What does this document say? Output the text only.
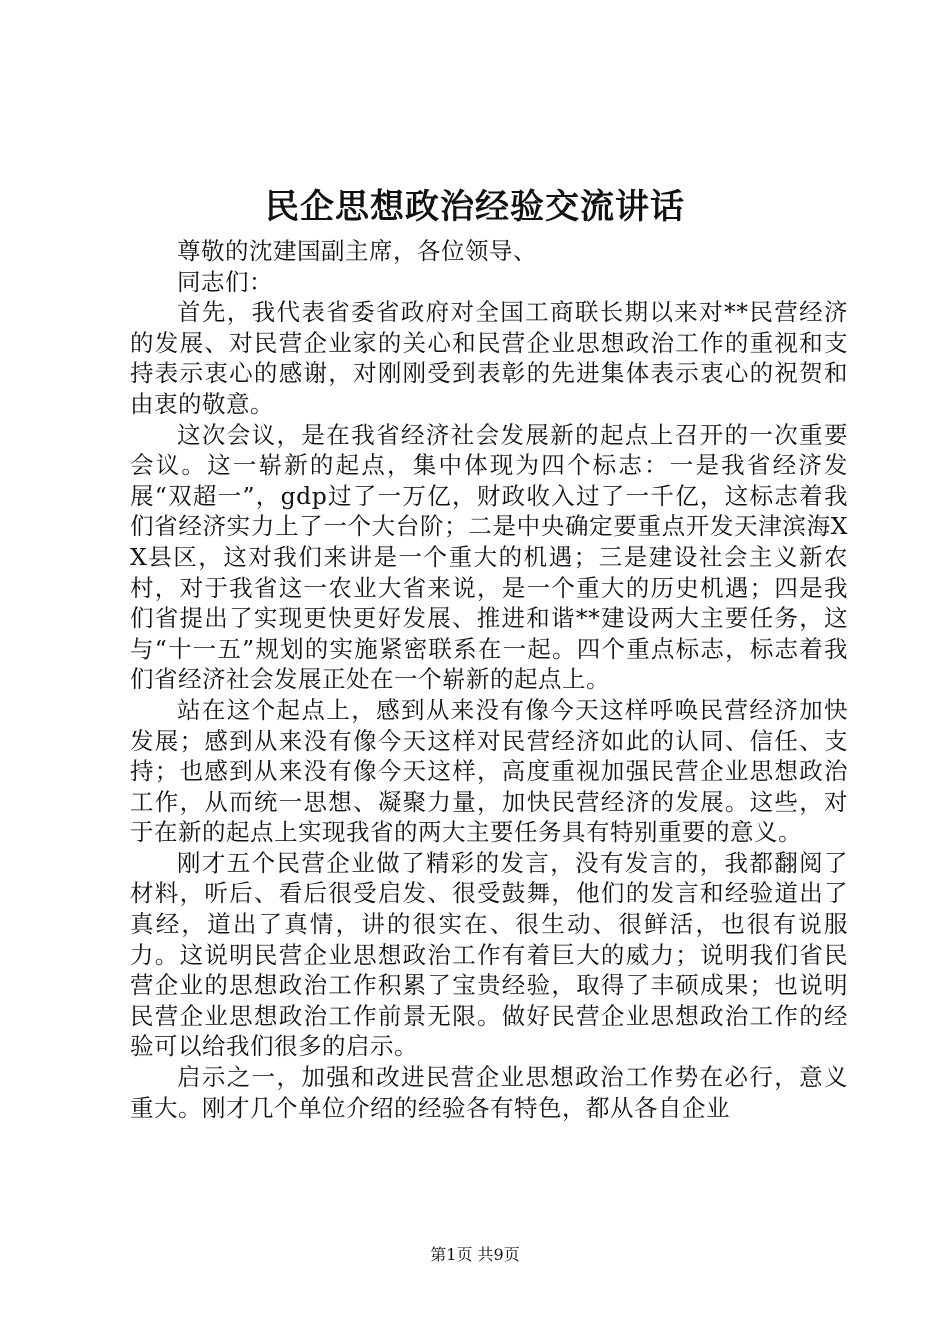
民企思想政治经验交流讲话

尊敬的沈建国副主席，各位领导、

同志们：

首先，我代表省委省政府对全国工商联长期以来对**民营经济的发展、对民营企业家的关心和民营企业思想政治工作的重视和支持表示衷心的感谢，对刚刚受到表彰的先进集体表示衷心的祝贺和由衷的敬意。

这次会议，是在我省经济社会发展新的起点上召开的一次重要会议。这一崭新的起点，集中体现为四个标志：一是我省经济发展“双超一”，gdp过了一万亿，财政收入过了一千亿，这标志着我们省经济实力上了一个大台阶；二是中央确定要重点开发天津滨海XX县区，这对我们来讲是一个重大的机遇；三是建设社会主义新农村，对于我省这一农业大省来说，是一个重大的历史机遇；四是我们省提出了实现更快更好发展、推进和谐**建设两大主要任务，这与“十一五”规划的实施紧密联系在一起。四个重点标志，标志着我们省经济社会发展正处在一个崭新的起点上。

站在这个起点上，感到从来没有像今天这样呼唤民营经济加快发展；感到从来没有像今天这样对民营经济如此的认同、信任、支持；也感到从来没有像今天这样，高度重视加强民营企业思想政治工作，从而统一思想、凝聚力量，加快民营经济的发展。这些，对于在新的起点上实现我省的两大主要任务具有特别重要的意义。

刚才五个民营企业做了精彩的发言，没有发言的，我都翻阅了材料，听后、看后很受启发、很受鼓舞，他们的发言和经验道出了真经，道出了真情，讲的很实在、很生动、很鲜活，也很有说服力。这说明民营企业思想政治工作有着巨大的威力；说明我们省民营企业的思想政治工作积累了宝贵经验，取得了丰硕成果；也说明民营企业思想政治工作前景无限。做好民营企业思想政治工作的经验可以给我们很多的启示。

启示之一，加强和改进民营企业思想政治工作势在必行，意义重大。刚才几个单位介绍的经验各有特色，都从各自企业

第1页 共9页
